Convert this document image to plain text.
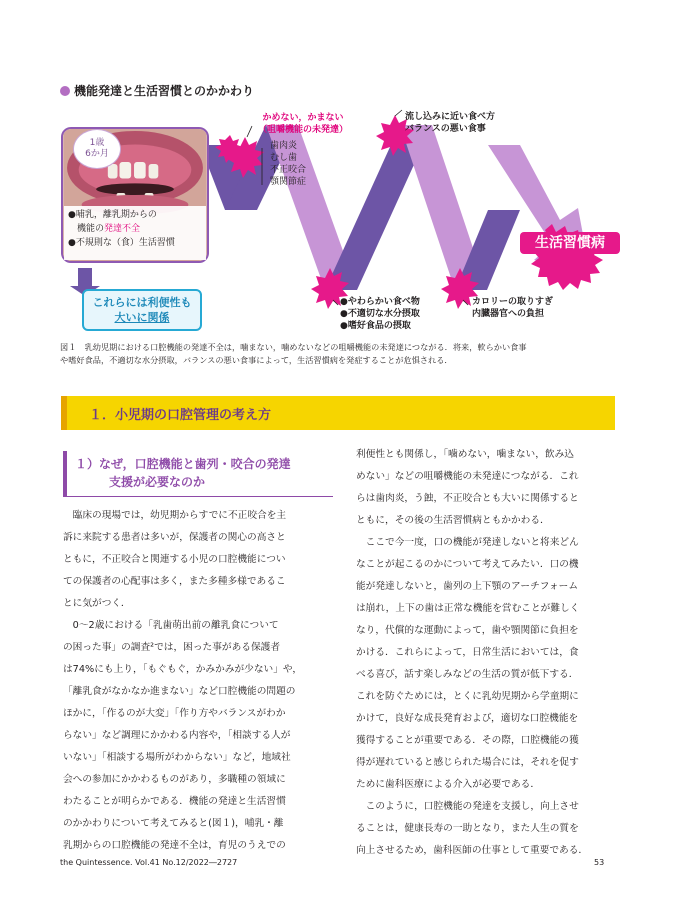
機能発達と生活習慣とのかかわり
1歳
6か月
●哺乳，離乳期からの
　機能の発達不全
●不規則な（食）生活習慣
これらには利便性も
大いに関係
かめない，かまない
（咀嚼機能の未発達）
歯肉炎
むし歯
不正咬合
顎関節症
流し込みに近い食べ方
バランスの悪い食事
●やわらかい食べ物
●不適切な水分摂取
●嗜好食品の摂取
カロリーの取りすぎ
内臓器官への負担
生活習慣病
図１　乳幼児期における口腔機能の発達不全は，噛まない，噛めないなどの咀嚼機能の未発達につながる．将来，軟らかい食事
や嗜好食品，不適切な水分摂取，バランスの悪い食事によって，生活習慣病を発症することが危惧される．
１．小児期の口腔管理の考え方
１）なぜ，口腔機能と歯列・咬合の発達
支援が必要なのか

　臨床の現場では，幼児期からすでに不正咬合を主

訴に来院する患者は多いが，保護者の関心の高さと

ともに，不正咬合と関連する小児の口腔機能につい

ての保護者の心配事は多く，また多種多様であるこ

とに気がつく．

　0～2歳における「乳歯萌出前の離乳食について

の困った事」の調査²では，困った事がある保護者

は74%にも上り，「もぐもぐ，かみかみが少ない」や，

「離乳食がなかなか進まない」など口腔機能の問題の

ほかに，「作るのが大変」「作り方やバランスがわか

らない」など調理にかかわる内容や，「相談する人が

いない」「相談する場所がわからない」など，地域社

会への参加にかかわるものがあり，多職種の領域に

わたることが明らかである．機能の発達と生活習慣

のかかわりについて考えてみると(図１)，哺乳・離

乳期からの口腔機能の発達不全は，育児のうえでの

利便性とも関係し，「噛めない，噛まない，飲み込

めない」などの咀嚼機能の未発達につながる．これ

らは歯肉炎，う蝕，不正咬合とも大いに関係すると

ともに，その後の生活習慣病ともかかわる．

　ここで今一度，口の機能が発達しないと将来どん

なことが起こるのかについて考えてみたい．口の機

能が発達しないと，歯列の上下顎のアーチフォーム

は崩れ，上下の歯は正常な機能を営むことが難しく

なり，代償的な運動によって，歯や顎関節に負担を

かける．これらによって，日常生活においては，食

べる喜び，話す楽しみなどの生活の質が低下する．

これを防ぐためには，とくに乳幼児期から学童期に

かけて，良好な成長発育および，適切な口腔機能を

獲得することが重要である．その際，口腔機能の獲

得が遅れていると感じられた場合には，それを促す

ために歯科医療による介入が必要である．

　このように，口腔機能の発達を支援し，向上させ

ることは，健康長寿の一助となり，また人生の質を

向上させるため，歯科医師の仕事として重要である．

the Quintessence. Vol.41 No.12/2022―2727	53
